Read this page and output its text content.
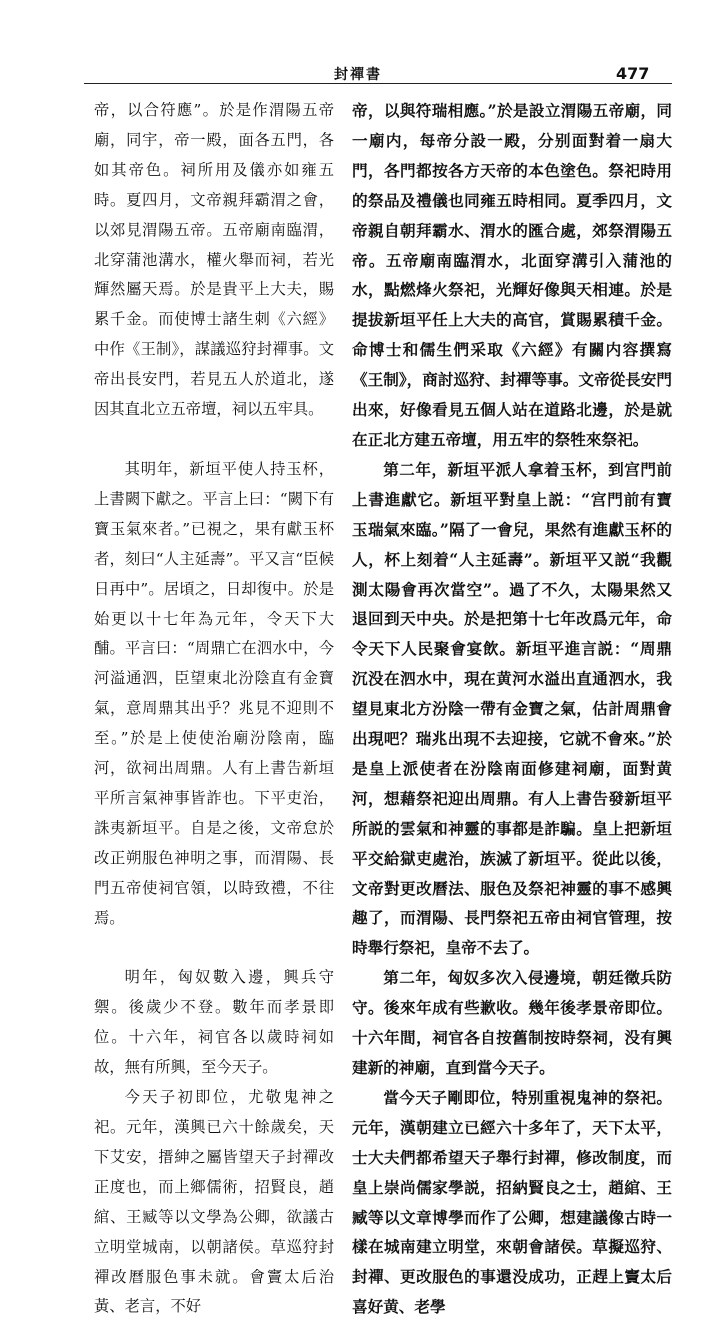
封禪書	477

帝，以合符應”。於是作渭陽五帝廟，同宇，帝一殿，面各五門，各如其帝色。祠所用及儀亦如雍五時。夏四月，文帝親拜霸渭之會，以郊見渭陽五帝。五帝廟南臨渭，北穿蒲池溝水，權火舉而祠，若光輝然屬天焉。於是貴平上大夫，賜累千金。而使博士諸生刺《六經》中作《王制》，謀議巡狩封禪事。文帝出長安門，若見五人於道北，遂因其直北立五帝壇，祠以五牢具。

其明年，新垣平使人持玉杯，上書闕下獻之。平言上曰：“闕下有寶玉氣來者。”已視之，果有獻玉杯者，刻曰“人主延壽”。平又言“臣候日再中”。居頃之，日却復中。於是始更以十七年為元年，令天下大酺。平言曰：“周鼎亡在泗水中，今河溢通泗，臣望東北汾陰直有金寶氣，意周鼎其出乎？兆見不迎則不至。”於是上使使治廟汾陰南，臨河，欲祠出周鼎。人有上書告新垣平所言氣神事皆詐也。下平吏治，誅夷新垣平。自是之後，文帝怠於改正朔服色神明之事，而渭陽、長門五帝使祠官領，以時致禮，不往焉。

明年，匈奴數入邊，興兵守禦。後歲少不登。數年而孝景即位。十六年，祠官各以歲時祠如故，無有所興，至今天子。

今天子初即位，尤敬鬼神之祀。元年，漢興已六十餘歲矣，天下艾安，搢紳之屬皆望天子封禪改正度也，而上鄉儒術，招賢良，趙綰、王臧等以文學為公卿，欲議古立明堂城南，以朝諸侯。草巡狩封禪改曆服色事未就。會竇太后治黃、老言，不好

帝，以與符瑞相應。”於是設立渭陽五帝廟，同一廟内，每帝分設一殿，分别面對着一扇大門，各門都按各方天帝的本色塗色。祭祀時用的祭品及禮儀也同雍五時相同。夏季四月，文帝親自朝拜霸水、渭水的匯合處，郊祭渭陽五帝。五帝廟南臨渭水，北面穿溝引入蒲池的水，點燃烽火祭祀，光輝好像與天相連。於是提拔新垣平任上大夫的高官，賞賜累積千金。命博士和儒生們采取《六經》有關内容撰寫《王制》，商討巡狩、封禪等事。文帝從長安門出來，好像看見五個人站在道路北邊，於是就在正北方建五帝壇，用五牢的祭牲來祭祀。

第二年，新垣平派人拿着玉杯，到宫門前上書進獻它。新垣平對皇上説：“宫門前有寶玉瑞氣來臨。”隔了一會兒，果然有進獻玉杯的人，杯上刻着“人主延壽”。新垣平又説“我觀測太陽會再次當空”。過了不久，太陽果然又退回到天中央。於是把第十七年改爲元年，命令天下人民聚會宴飲。新垣平進言説：“周鼎沉没在泗水中，現在黄河水溢出直通泗水，我望見東北方汾陰一帶有金寶之氣，估計周鼎會出現吧？瑞兆出現不去迎接，它就不會來。”於是皇上派使者在汾陰南面修建祠廟，面對黄河，想藉祭祀迎出周鼎。有人上書告發新垣平所説的雲氣和神靈的事都是詐騙。皇上把新垣平交給獄吏處治，族滅了新垣平。從此以後，文帝對更改曆法、服色及祭祀神靈的事不感興趣了，而渭陽、長門祭祀五帝由祠官管理，按時舉行祭祀，皇帝不去了。

第二年，匈奴多次入侵邊境，朝廷徵兵防守。後來年成有些歉收。幾年後孝景帝即位。十六年間，祠官各自按舊制按時祭祠，没有興建新的神廟，直到當今天子。

當今天子剛即位，特别重視鬼神的祭祀。元年，漢朝建立已經六十多年了，天下太平，士大夫們都希望天子舉行封禪，修改制度，而皇上崇尚儒家學説，招納賢良之士，趙綰、王臧等以文章博學而作了公卿，想建議像古時一樣在城南建立明堂，來朝會諸侯。草擬巡狩、封禪、更改服色的事還没成功，正趕上竇太后喜好黄、老學
